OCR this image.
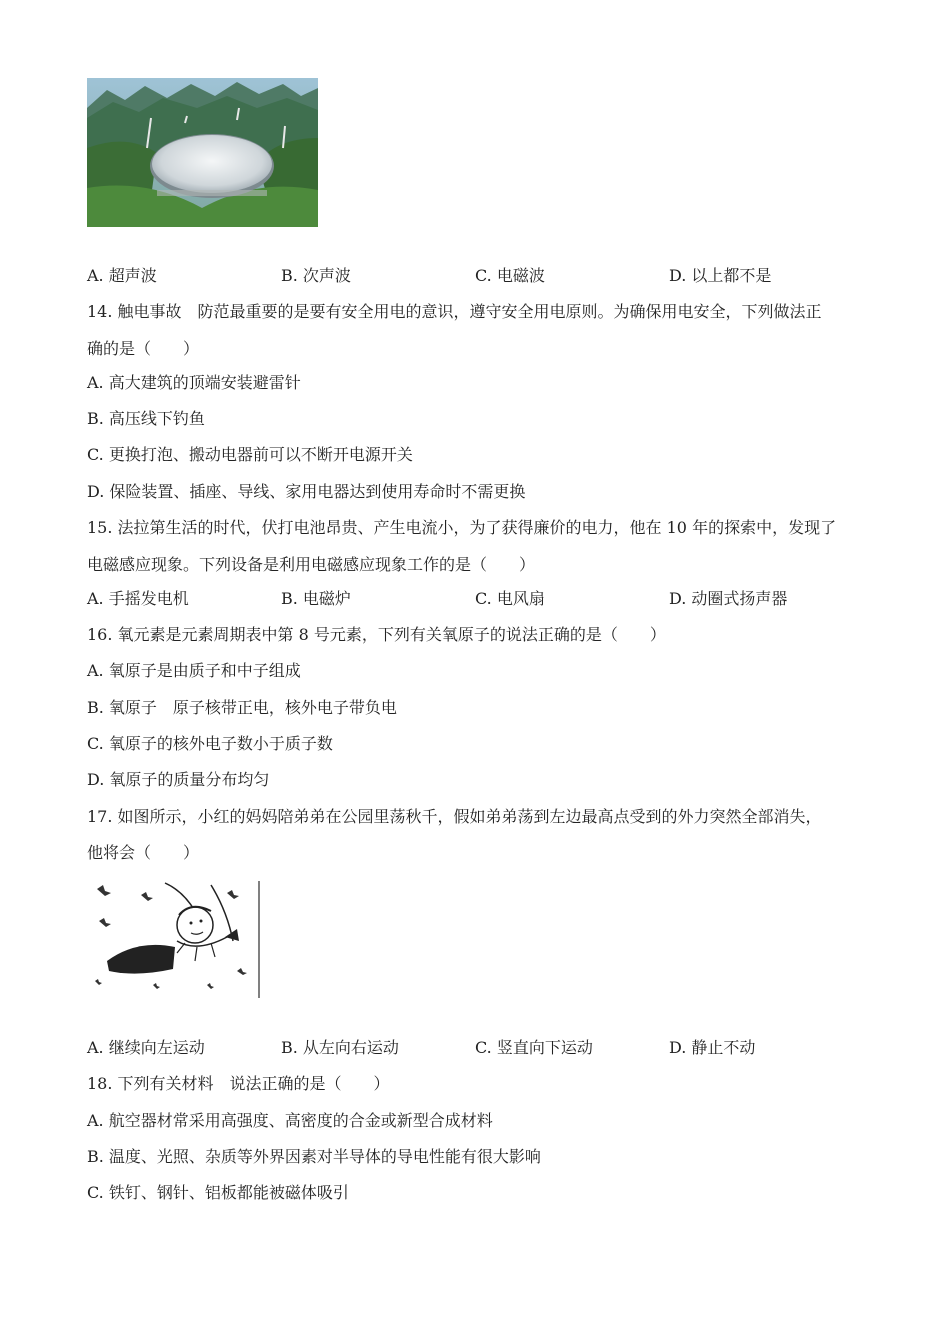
A. 超声波	B. 次声波	C. 电磁波	D. 以上都不是
14. 触电事故　防范最重要的是要有安全用电的意识，遵守安全用电原则。为确保用电安全，下列做法正
确的是（　　）
A. 高大建筑的顶端安装避雷针
B. 高压线下钓鱼
C. 更换打泡、搬动电器前可以不断开电源开关
D. 保险装置、插座、导线、家用电器达到使用寿命时不需更换
15. 法拉第生活的时代，伏打电池昂贵、产生电流小，为了获得廉价的电力，他在 10 年的探索中，发现了
电磁感应现象。下列设备是利用电磁感应现象工作的是（　　）
A. 手摇发电机	B. 电磁炉	C. 电风扇	D. 动圈式扬声器
16. 氧元素是元素周期表中第 8 号元素，下列有关氧原子的说法正确的是（　　）
A. 氧原子是由质子和中子组成
B. 氧原子　原子核带正电，核外电子带负电
C. 氧原子的核外电子数小于质子数
D. 氧原子的质量分布均匀
17. 如图所示，小红的妈妈陪弟弟在公园里荡秋千，假如弟弟荡到左边最高点受到的外力突然全部消失，
他将会（　　）
A. 继续向左运动	B. 从左向右运动	C. 竖直向下运动	D. 静止不动
18. 下列有关材料　说法正确的是（　　）
A. 航空器材常采用高强度、高密度的合金或新型合成材料
B. 温度、光照、杂质等外界因素对半导体的导电性能有很大影响
C. 铁钉、钢针、铝板都能被磁体吸引
